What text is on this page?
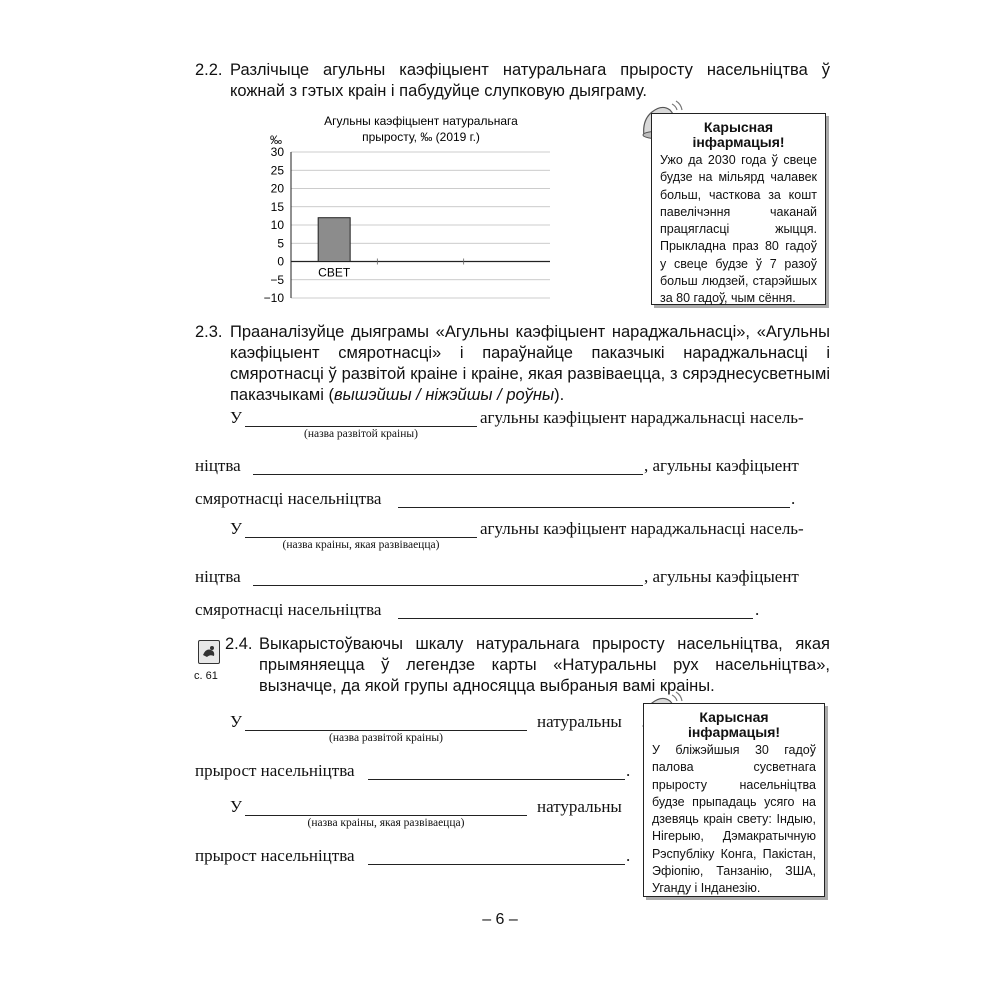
2.2. Разлічыце агульны каэфіцыент натуральнага прыросту насельніцтва ў кожнай з гэтых краін і пабудуйце слупковую дыяграму.
Агульны каэфіцыент натуральнага
прыросту, ‰ (2019 г.)
‰
30
25
20
15
10
5
0
−5
−10
СВЕТ
Карысная
інфармацыя!
Ужо да 2030 года ў свеце будзе на мільярд чалавек больш, часткова за кошт павелічэння чаканай працягласці жыцця. Прыкладна праз 80 гадоў у свеце будзе ў 7 разоў больш людзей, старэйшых за 80 гадоў, чым сёння.
2.3. Прааналізуйце дыяграмы «Агульны каэфіцыент нараджальнасці», «Агульны каэфіцыент смяротнасці» і параўнайце паказчыкі нараджальнасці і смяротнасці ў развітой краіне і краіне, якая развіваецца, з сярэднесусветнымі паказчыкамі (вышэйшы / ніжэйшы / роўны).
У	агульны каэфіцыент нараджальнасці насель-
(назва развітой краіны)
ніцтва	, агульны каэфіцыент
смяротнасці насельніцтва	.
У	агульны каэфіцыент нараджальнасці насель-
(назва краіны, якая развіваецца)
ніцтва	, агульны каэфіцыент
смяротнасці насельніцтва	.
с. 61
2.4. Выкарыстоўваючы шкалу натуральнага прыросту насельніцтва, якая прымяняецца ў легендзе карты «Натуральны рух насельніцтва», вызначце, да якой групы адносяцца выбраныя вамі краіны.
У	натуральны
(назва развітой краіны)
прырост насельніцтва	.
У	натуральны
(назва краіны, якая развіваецца)
прырост насельніцтва	.
Карысная
інфармацыя!
У бліжэйшыя 30 гадоў палова сусветнага прыросту насельніцтва будзе прыпадаць усяго на дзевяць краін свету: Індыю, Нігерыю, Дэмакратычную Рэспубліку Конга, Пакістан, Эфіопію, Танзанію, ЗША, Уганду і Інданезію.
– 6 –
